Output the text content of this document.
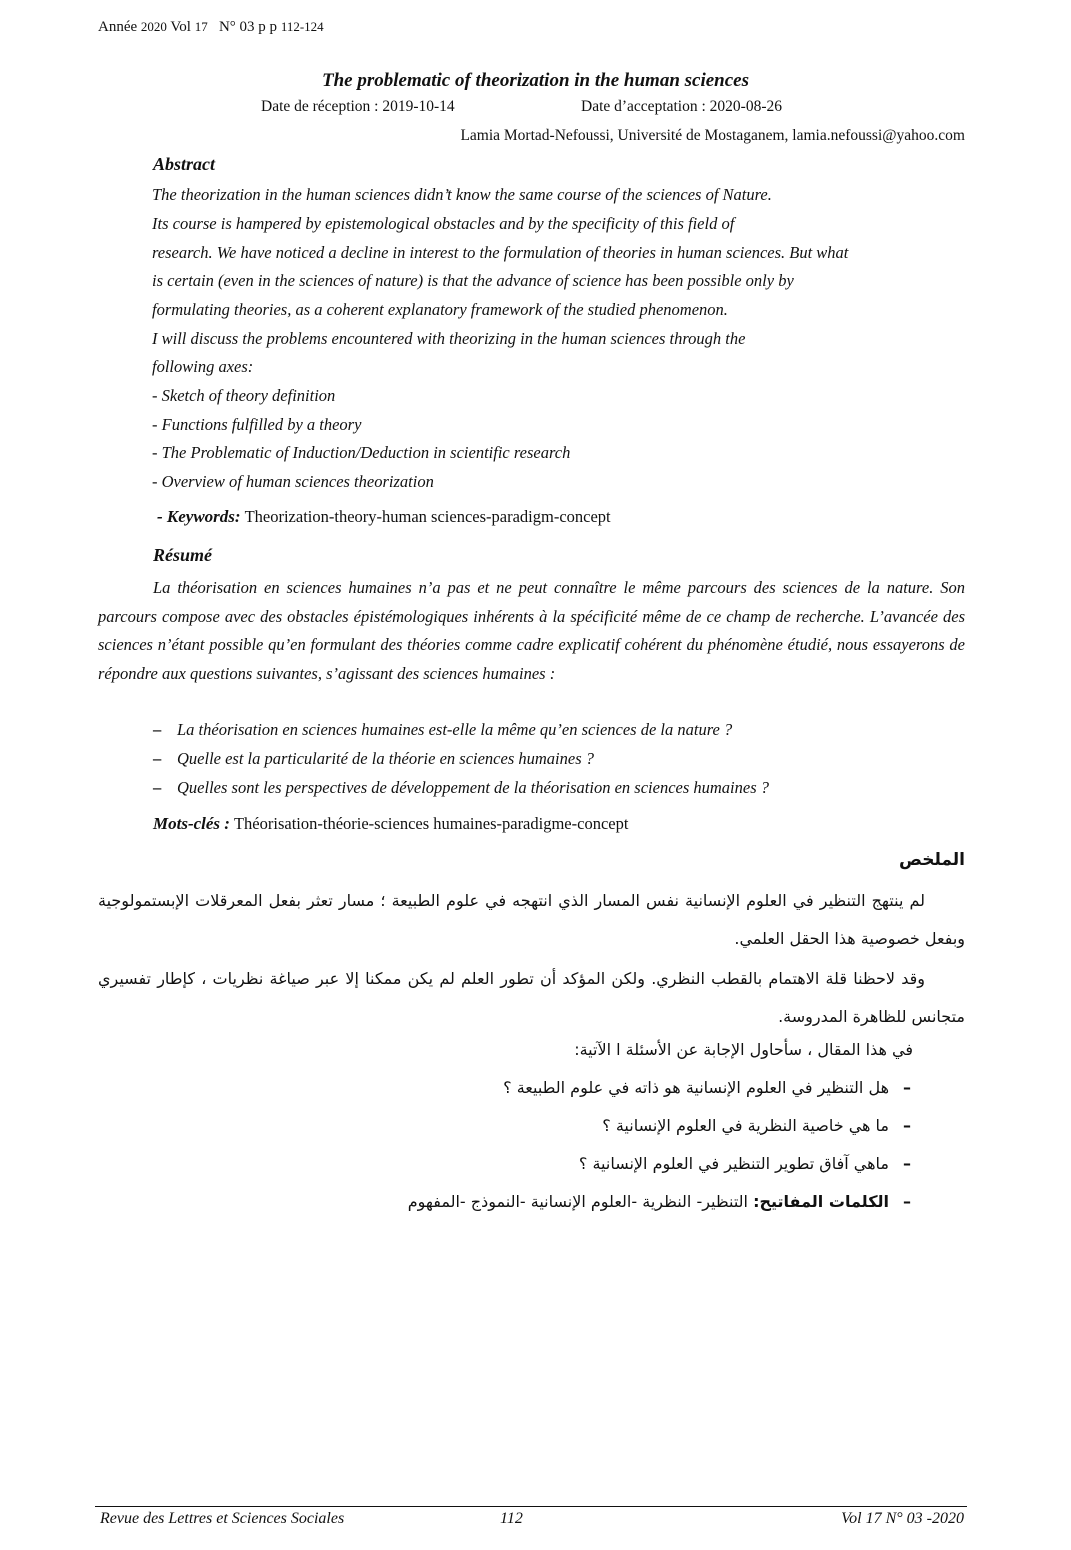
Année 2020 Vol 17 N° 03 p p 112-124
The problematic of theorization in the human sciences
Date de réception : 2019-10-14	Date d’acceptation : 2020-08-26
Lamia Mortad-Nefoussi, Université de Mostaganem, lamia.nefoussi@yahoo.com
Abstract
The theorization in the human sciences didn’t know the same course of the sciences of Nature.
Its course is hampered by epistemological obstacles and by the specificity of this field of
research. We have noticed a decline in interest to the formulation of theories in human sciences. But what
is certain (even in the sciences of nature) is that the advance of science has been possible only by
formulating theories, as a coherent explanatory framework of the studied phenomenon.
I will discuss the problems encountered with theorizing in the human sciences through the
following axes:
- Sketch of theory definition
- Functions fulfilled by a theory
- The Problematic of Induction/Deduction in scientific research
- Overview of human sciences theorization
- Keywords: Theorization-theory-human sciences-paradigm-concept
Résumé
La théorisation en sciences humaines n’a pas et ne peut connaître le même parcours des sciences de la nature. Son parcours compose avec des obstacles épistémologiques inhérents à la spécificité même de ce champ de recherche. L’avancée des sciences n’étant possible qu’en formulant des théories comme cadre explicatif cohérent du phénomène étudié, nous essayerons de répondre aux questions suivantes, s’agissant des sciences humaines :
– La théorisation en sciences humaines est-elle la même qu’en sciences de la nature ?
– Quelle est la particularité de la théorie en sciences humaines ?
– Quelles sont les perspectives de développement de la théorisation en sciences humaines ?
Mots-clés : Théorisation-théorie-sciences humaines-paradigme-concept
الملخص
لم ينتهج التنظير في العلوم الإنسانية نفس المسار الذي انتهجه في علوم الطبيعة ؛ مسار تعثر بفعل المعرقلات الإبستمولوجية وبفعل خصوصية هذا الحقل العلمي.
وقد لاحظنا قلة الاهتمام بالقطب النظري. ولكن المؤكد أن تطور العلم لم يكن ممكنا إلا عبر صياغة نظريات ، كإطار تفسيري متجانس للظاهرة المدروسة.
في هذا المقال ، سأحاول الإجابة عن الأسئلة ا الآتية:
–هل التنظير في العلوم الإنسانية هو ذاته في علوم الطبيعة ؟
–ما هي خاصية النظرية في العلوم الإنسانية ؟
–ماهي آفاق تطوير التنظير في العلوم الإنسانية ؟
–الكلمات المفاتيح: التنظير- النظرية -العلوم الإنسانية -النموذج -المفهوم
Revue des Lettres et Sciences Sociales	112	Vol 17 N° 03 -2020
